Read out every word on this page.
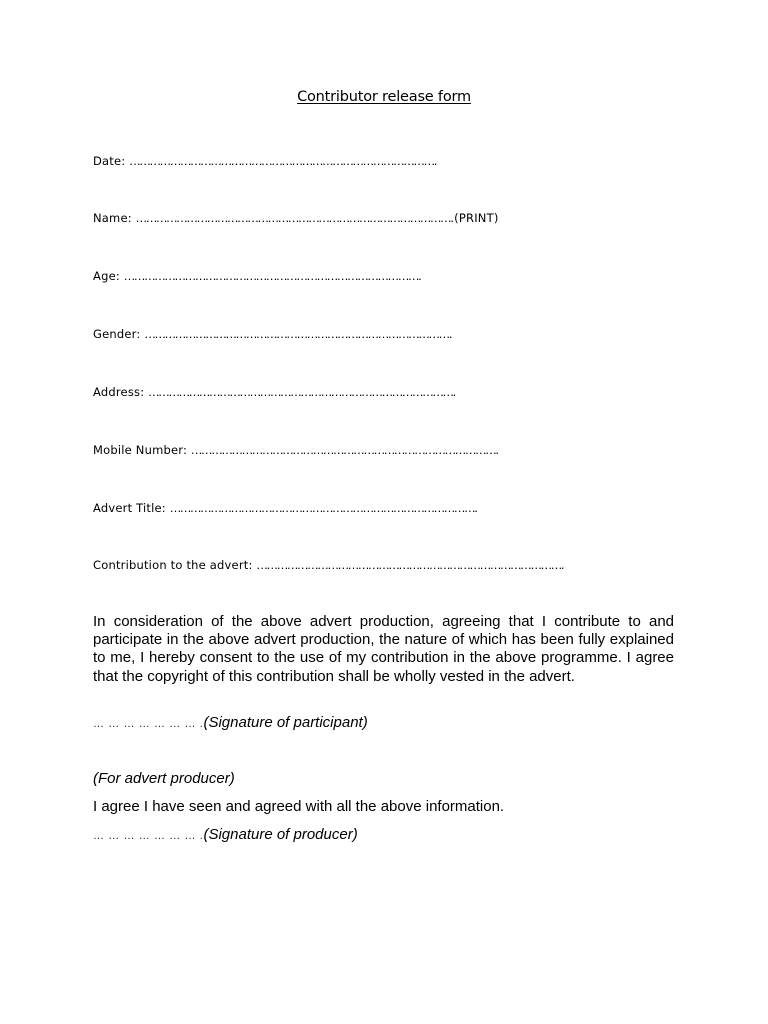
Contributor release form
Date: ……………………………………………………………………………….
Name: ………………………………………………………………………………….(PRINT)
Age: …………………………………………………………………………….
Gender: ……………………………………………………………………………….
Address: ……………………………………………………………………………….
Mobile Number: ……………………………………………………………………………….
Advert Title: ……………………………………………………………………………….
Contribution to the advert: ……………………………………………………………………………….

In consideration of the above advert production, agreeing that I contribute to and participate in the above advert production, the nature of which has been fully explained to me, I hereby consent to the use of my contribution in the above programme. I agree that the copyright of this contribution shall be wholly vested in the advert.

… … … … … … … .(Signature of participant)
(For advert producer)
I agree I have seen and agreed with all the above information.
… … … … … … … .(Signature of producer)
